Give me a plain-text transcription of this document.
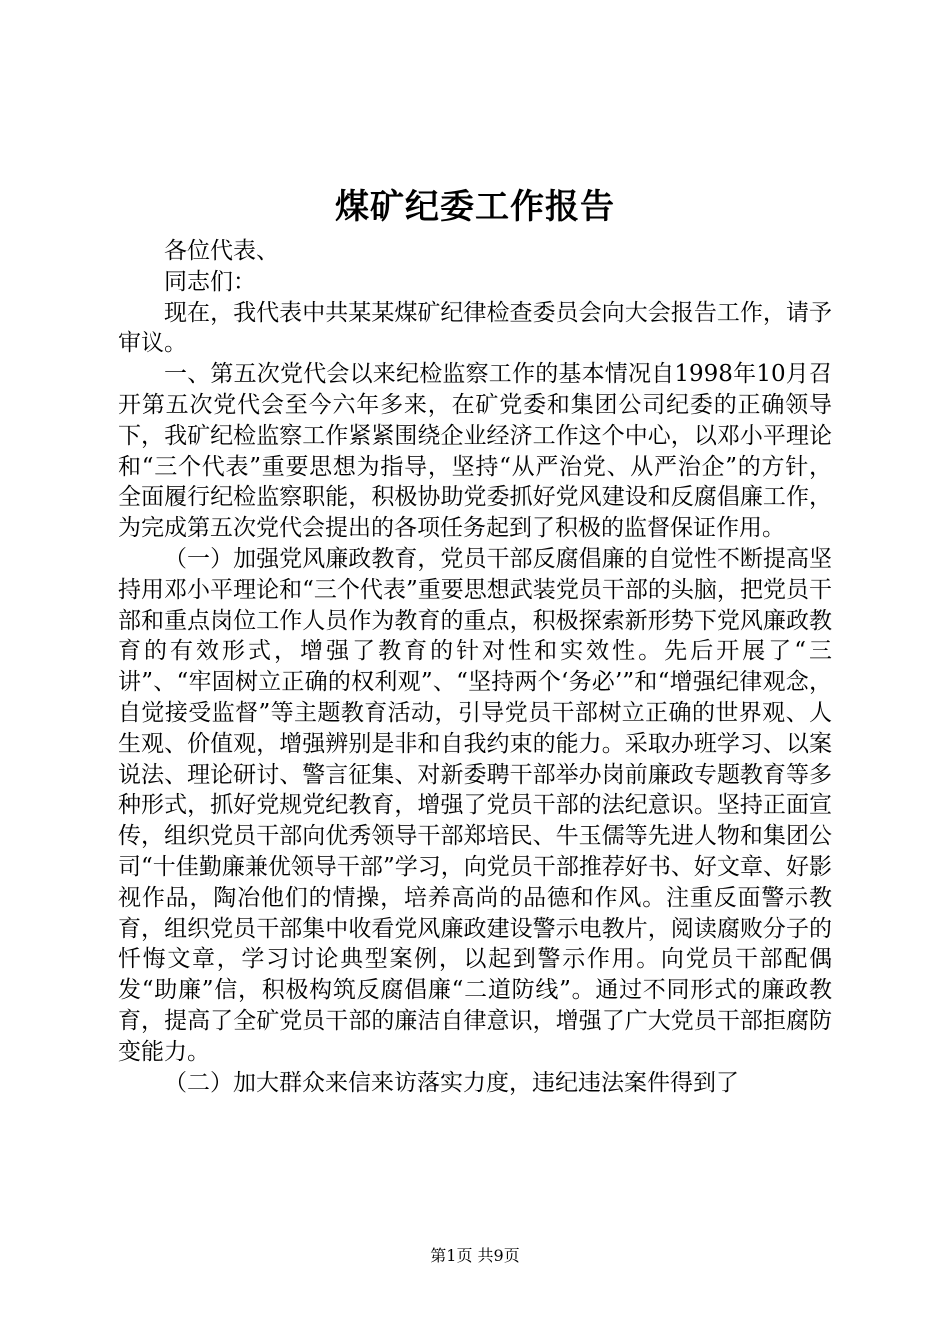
煤矿纪委工作报告

各位代表、

同志们：

现在，我代表中共某某煤矿纪律检查委员会向大会报告工作，请予审议。

一、第五次党代会以来纪检监察工作的基本情况自1998年10月召开第五次党代会至今六年多来，在矿党委和集团公司纪委的正确领导下，我矿纪检监察工作紧紧围绕企业经济工作这个中心，以邓小平理论和“三个代表”重要思想为指导，坚持“从严治党、从严治企”的方针，全面履行纪检监察职能，积极协助党委抓好党风建设和反腐倡廉工作，为完成第五次党代会提出的各项任务起到了积极的监督保证作用。

（一）加强党风廉政教育，党员干部反腐倡廉的自觉性不断提高坚持用邓小平理论和“三个代表”重要思想武装党员干部的头脑，把党员干部和重点岗位工作人员作为教育的重点，积极探索新形势下党风廉政教育的有效形式，增强了教育的针对性和实效性。先后开展了“三讲”、“牢固树立正确的权利观”、“坚持两个‘务必’”和“增强纪律观念，自觉接受监督”等主题教育活动，引导党员干部树立正确的世界观、人生观、价值观，增强辨别是非和自我约束的能力。采取办班学习、以案说法、理论研讨、警言征集、对新委聘干部举办岗前廉政专题教育等多种形式，抓好党规党纪教育，增强了党员干部的法纪意识。坚持正面宣传，组织党员干部向优秀领导干部郑培民、牛玉儒等先进人物和集团公司“十佳勤廉兼优领导干部”学习，向党员干部推荐好书、好文章、好影视作品，陶冶他们的情操，培养高尚的品德和作风。注重反面警示教育，组织党员干部集中收看党风廉政建设警示电教片，阅读腐败分子的忏悔文章，学习讨论典型案例，以起到警示作用。向党员干部配偶发“助廉”信，积极构筑反腐倡廉“二道防线”。通过不同形式的廉政教育，提高了全矿党员干部的廉洁自律意识，增强了广大党员干部拒腐防变能力。

（二）加大群众来信来访落实力度，违纪违法案件得到了

第1页 共9页
